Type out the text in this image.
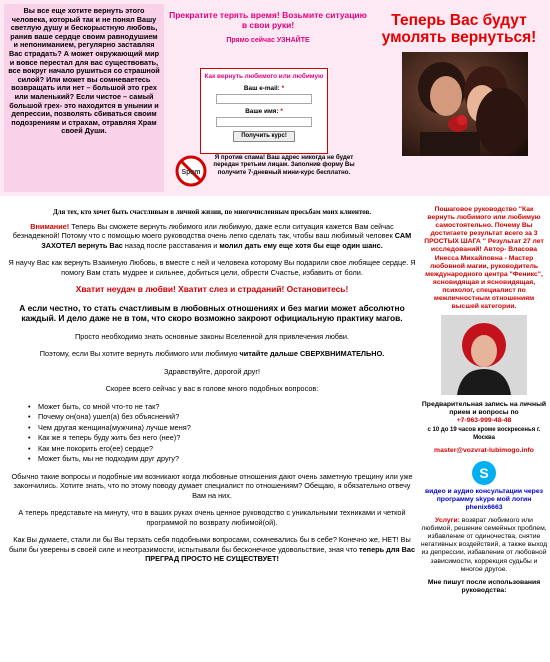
Вы все еще хотите вернуть этого человека, который так и не понял Вашу светлую душу и бескорыстную любовь, ранив ваше сердце своим равнодушием и непониманием, регулярно заставляя Вас страдать? А может окружающий мир и вовсе перестал для вас существовать, все вокруг начало рушиться со страшной силой? Или может вы сомневаетесь возвращать или нет – большой это грех или маленький? Если чистое – самый большой грех- это находится в унынии и депрессии, позволять сбиваться своим подозрениям и страхам, отравляя Храм своей Души.
Прекратите терять время! Возьмите ситуацию в свои руки!
Прямо сейчас УЗНАЙТЕ
Как вернуть любимого или любимую
Ваш e-mail: *
Ваше имя: *
Получить курс!
Spam
Я против спама! Ваш адрес никогда не будет передан третьим лицам. Заполнив форму Вы получите 7-дневный мини-курс бесплатно.
Теперь Вас будут умолять вернуться!
Для тех, кто хочет быть счастливым в личной жизни, по многочисленным просьбам моих клиентов.

Внимание! Теперь Вы сможете вернуть любимого или любимую, даже если ситуация кажется Вам сейчас безнадежной! Потому что с помощью моего руководства очень легко сделать так, чтобы ваш любимый человек САМ ЗАХОТЕЛ вернуть Вас назад после расставания и молил дать ему еще хотя бы еще один шанс.

Я научу Вас как вернуть Взаимную Любовь, в вместе с ней и человека которому Вы подарили свое любящее сердце. Я помогу Вам стать мудрее и сильнее, добиться цели, обрести Счастье, избавить от боли.

Хватит неудач в любви! Хватит слез и страданий! Остановитесь!

А если честно, то стать счастливым в любовных отношениях и без магии может абсолютно каждый. И дело даже не в том, что скоро возможно закроют официальную практику магов.

Просто необходимо знать основные законы Вселенной для привлечения любви.

Поэтому, если Вы хотите вернуть любимого или любимую читайте дальше СВЕРХВНИМАТЕЛЬНО.

Здравствуйте, дорогой друг!

Скорее всего сейчас у вас в голове много подобных вопросов:

• Может быть, со мной что-то не так?
• Почему он(она) ушел(а) без объяснений?
• Чем другая женщина(мужчина) лучше меня?
• Как же я теперь буду жить без него (нее)?
• Как мне покорить его(ее) сердце?
• Может быть, мы не подходим друг другу?

Обычно такие вопросы и подобные им возникают когда любовные отношения дают очень заметную трещину или уже закончились. Хотите знать, что по этому поводу думает специалист по отношениям? Обещаю, я обязательно отвечу Вам на них.

А теперь представьте на минуту, что в ваших руках очень ценное руководство с уникальными техниками и четкой программой по возврату любимой(ой).

Как Вы думаете, стали ли бы Вы терзать себя подобными вопросами, сомневались бы в себе? Конечно же, НЕТ! Вы были бы уверены в своей силе и неотразимости, испытывали бы бесконечное удовольствие, зная что теперь для Вас ПРЕГРАД ПРОСТО НЕ СУЩЕСТВУЕТ!

Пошаговое руководство "Как вернуть любимого или любимую самостоятельно. Почему Вы достигаете результат всего за 3 ПРОСТЫХ ШАГА " Результат 27 лет исследований! Автор- Власова Инесса Михайловна - Мастер любовной магии, руководитель международного центра "Феникс", ясновидящая и ясновидящая, психолог, специалист по межличностным отношениям высшей категории.
Предварительная запись на личный прием и вопросы по
+7-963-999-48-48
с 10 до 19 часов кроме воскресенья г. Москва
master@vozvrat-lubimogo.info
S
видео и аудио консультации через программу skype мой логин phenix6663
Услуги: возврат любимого или любимой, решение семейных проблем, избавление от одиночества, снятие негативных воздействий, а также выход из депрессии, избавление от любовной зависимости, коррекция судьбы и многое другое.
Мне пишут после использования руководства:
